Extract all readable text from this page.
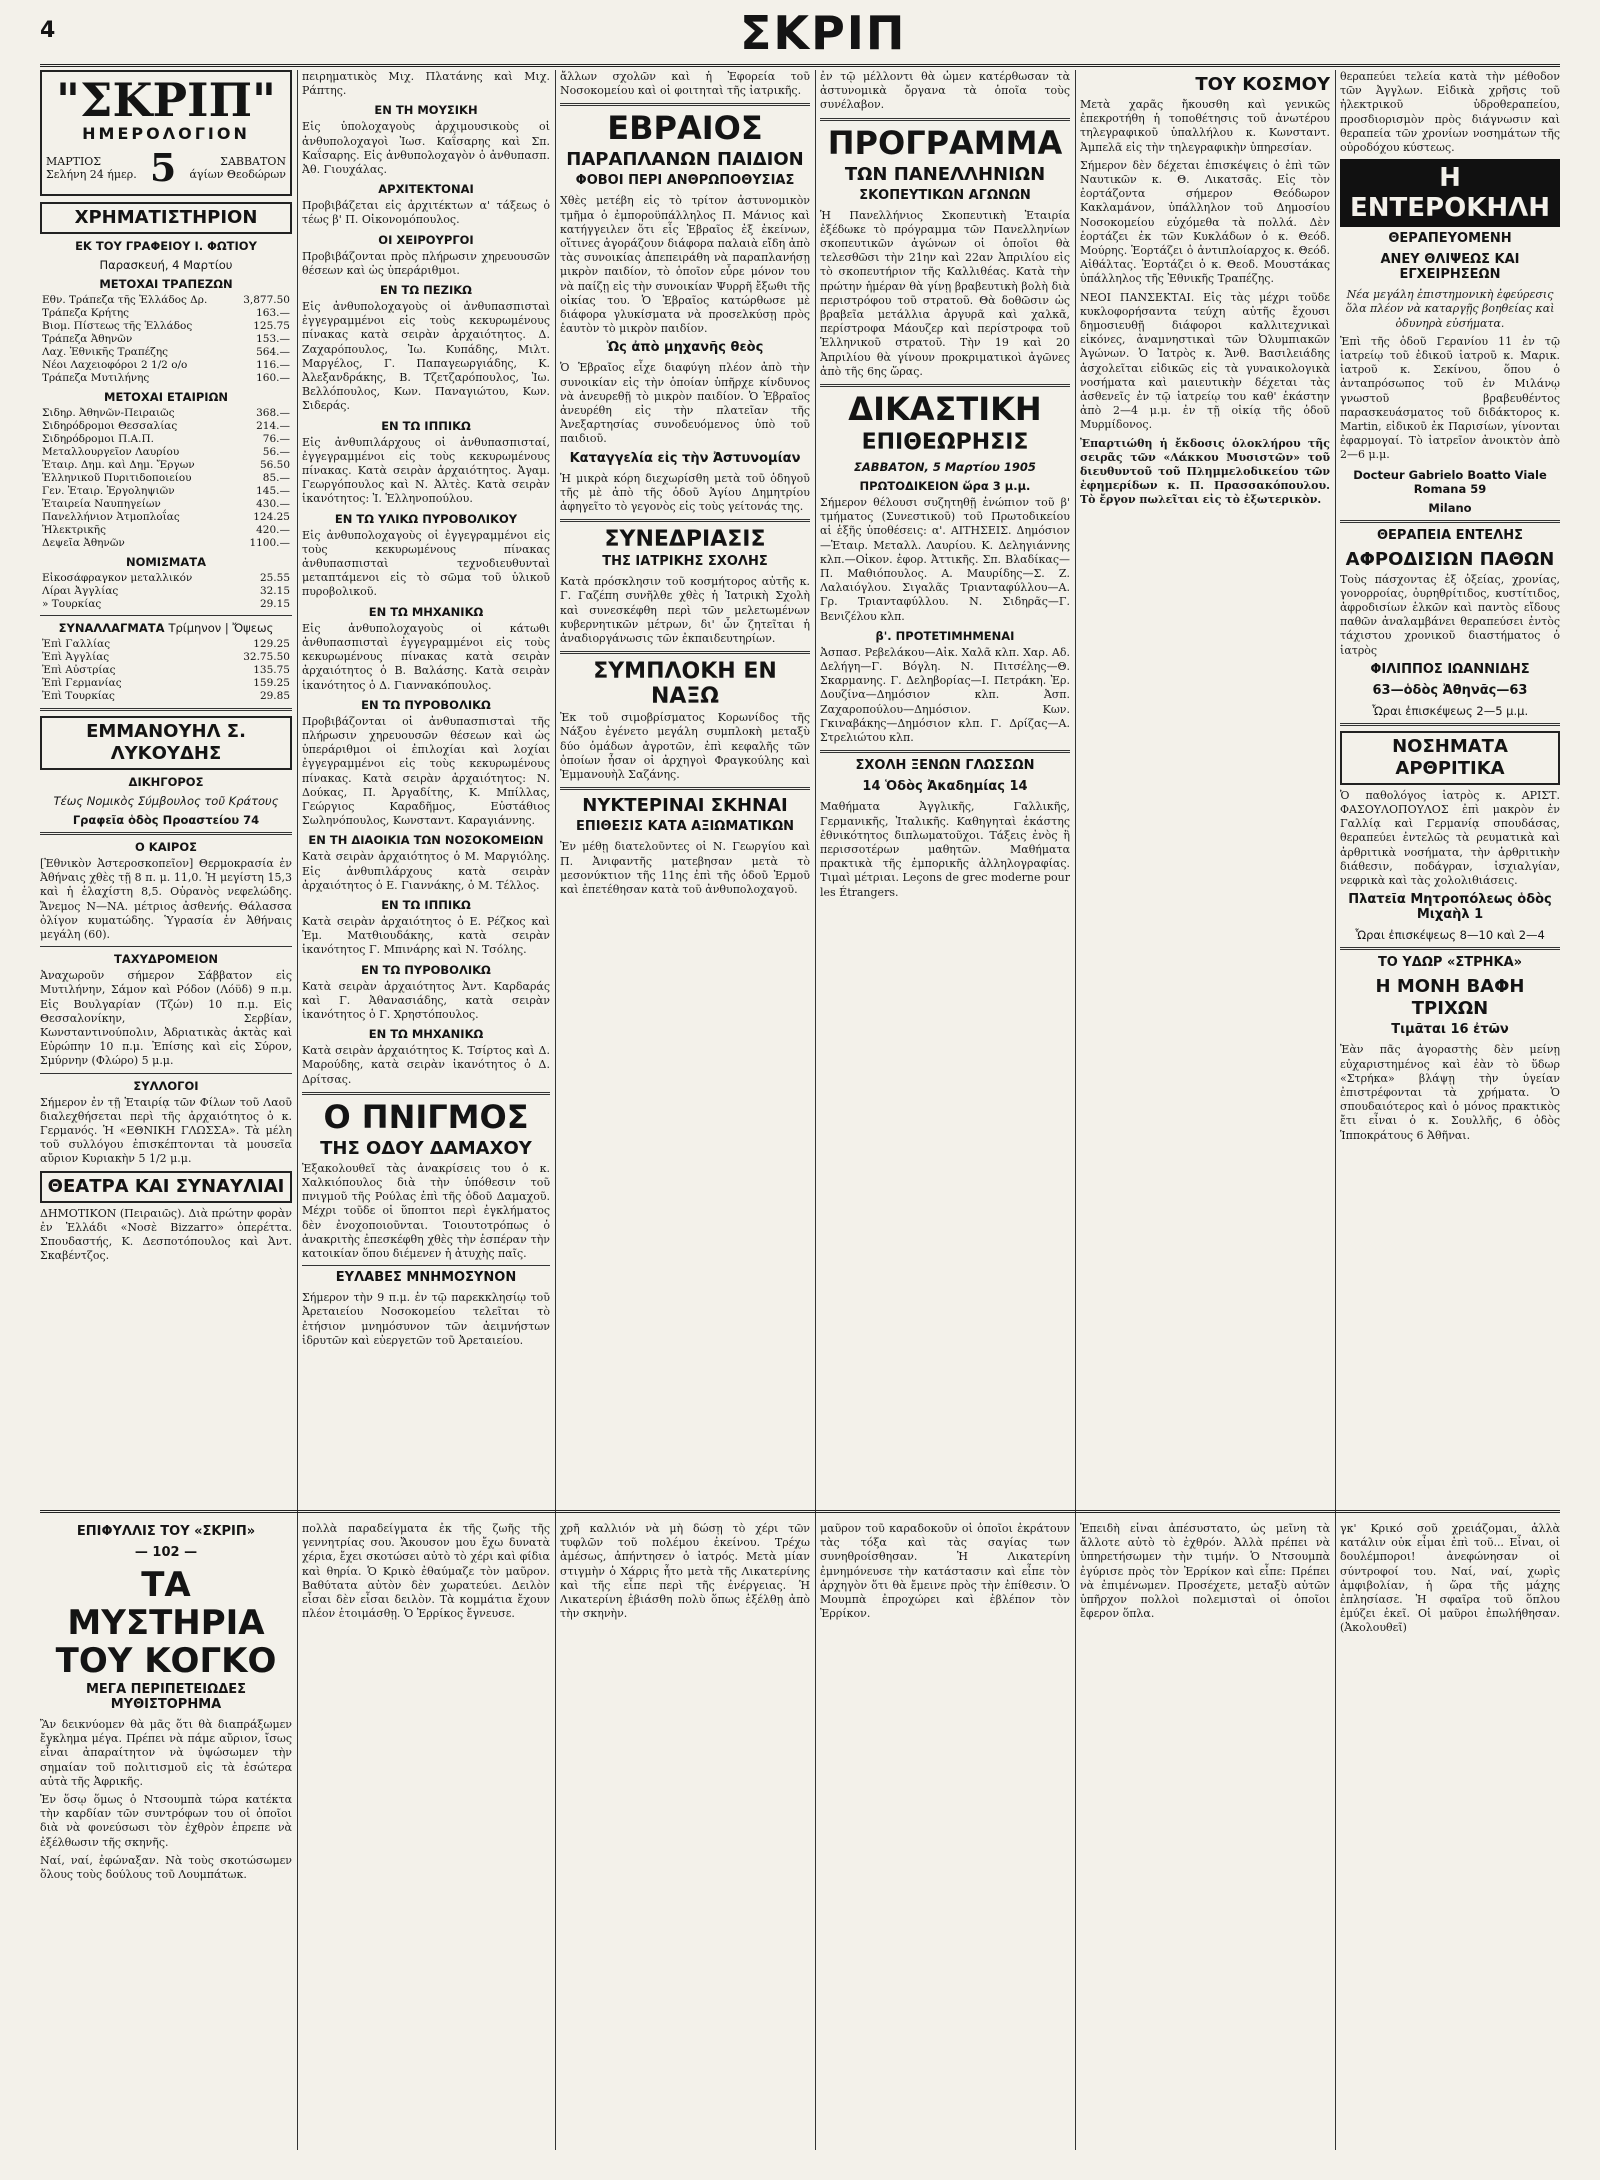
4	ΣΚΡΙΠ
"ΣΚΡΙΠ"
ΗΜΕΡΟΛΟΓΙΟΝ
ΜΑΡΤΙΟΣ
Σελήνη 24 ήμερ. 5	ΣΑΒΒΑΤΟΝ
άγίων Θεοδώρων
ΧΡΗΜΑΤΙΣΤΗΡΙΟΝ
ΕΚ ΤΟΥ ΓΡΑΦΕΙΟΥ Ι. ΦΩΤΙΟΥ
Παρασκευή, 4 Μαρτίου
ΜΕΤΟΧΑΙ ΤΡΑΠΕΖΩΝ
Εθν. Τράπεζα τῆς Ἑλλάδος Δρ.	3,877.50
Τράπεζα Κρήτης	163.—
Βιομ. Πίστεως τῆς Ἑλλάδος	125.75
Τράπεζα Ἀθηνῶν	153.—
Λαχ. Ἐθνικῆς Τραπέζης	564.—
Νέοι Λαχειοφόροι 2 1/2 ο/ο	116.—
Τράπεζα Μυτιλήνης	160.—
ΜΕΤΟΧΑΙ ΕΤΑΙΡΙΩΝ
Σιδηρ. Ἀθηνῶν-Πειραιῶς	368.—
Σιδηρόδρομοι Θεσσαλίας	214.—
Σιδηρόδρομοι Π.Α.Π.	76.—
Μεταλλουργεῖον Λαυρίου	56.—
Ἐταιρ. Δημ. καὶ Δημ. Ἔργων	56.50
Ἑλληνικοῦ Πυριτιδοποιείου	85.—
Γεν. Ἐταιρ. Ἐργοληψιῶν	145.—
Ἐταιρεία Ναυπηγείων	430.—
Πανελλήνιον Ἀτμοπλοΐας	124.25
Ἠλεκτρικῆς	420.—
Δεψεῖα Ἀθηνῶν	1100.—
ΝΟΜΙΣΜΑΤΑ
Εἰκοσάφραγκον μεταλλικόν	25.55
Λίραι Ἀγγλίας	32.15
» Τουρκίας	29.15
ΣΥΝΑΛΛΑΓΜΑΤΑ Τρίμηνον | Ὄψεως
Ἐπὶ Γαλλίας	129.25
Ἐπὶ Ἀγγλίας	32.75.50
Ἐπὶ Αὐστρίας	135.75
Ἐπὶ Γερμανίας	159.25
Ἐπὶ Τουρκίας	29.85
ΕΜΜΑΝΟΥΗΛ Σ. ΛΥΚΟΥΔΗΣ
ΔΙΚΗΓΟΡΟΣ
Τέως Νομικὸς Σύμβουλος τοῦ Κράτους
Γραφεῖα ὁδὸς Προαστείου 74
Ο ΚΑΙΡΟΣ

[Ἐθνικὸν Ἀστεροσκοπεῖον] Θερμοκρασία ἐν Ἀθήναις χθὲς τῇ 8 π. μ. 11,0. Ἡ μεγίστη 15,3 καὶ ἡ ἐλαχίστη 8,5. Οὐρανὸς νεφελώδης. Ἄνεμος Ν—ΝΑ. μέτριος ἀσθενής. Θάλασσα ὀλίγον κυματώδης. Ὑγρασία ἐν Ἀθήναις μεγάλη (60).

ΤΑΧΥΔΡΟΜΕΙΟΝ

Ἀναχωροῦν σήμερον Σάββατον εἰς Μυτιλήνην, Σάμον καὶ Ρόδον (Λόϋδ) 9 π.μ. Εἰς Βουλγαρίαν (Τζών) 10 π.μ. Εἰς Θεσσαλονίκην, Σερβίαν, Κωνσταντινούπολιν, Ἀδριατικὰς ἀκτὰς καὶ Εὐρώπην 10 π.μ. Ἐπίσης καὶ εἰς Σύρον, Σμύρνην (Φλώρο) 5 μ.μ.

ΣΥΛΛΟΓΟΙ

Σήμερον ἐν τῇ Ἑταιρίᾳ τῶν Φίλων τοῦ Λαοῦ διαλεχθήσεται περὶ τῆς ἀρχαιότητος ὁ κ. Γερμανός. Ἡ «ΕΘΝΙΚΗ ΓΛΩΣΣΑ». Τὰ μέλη τοῦ συλλόγου ἐπισκέπτονται τὰ μουσεῖα αὔριον Κυριακὴν 5 1/2 μ.μ.

ΘΕΑΤΡΑ ΚΑΙ ΣΥΝΑΥΛΙΑΙ

ΔΗΜΟΤΙΚΟΝ (Πειραιῶς). Διὰ πρώτην φορὰν ἐν Ἑλλάδι «Νοσὲ Bizzarro» ὀπερέττα. Σπουδαστής, Κ. Δεσποτόπουλος καὶ Ἀντ. Σκαβέντζος.

πειρηματικὸς Μιχ. Πλατάνης καὶ Μιχ. Ράπτης.

ΕΝ ΤΗ ΜΟΥΣΙΚΗ

Εἰς ὑπολοχαγοὺς ἀρχιμουσικοὺς οἱ ἀνθυπολοχαγοὶ Ἰωσ. Καΐσαρης καὶ Σπ. Καΐσαρης. Εἰς ἀνθυπολοχαγὸν ὁ ἀνθυπασπ. Ἀθ. Γιουχάλας.

ΑΡΧΙΤΕΚΤΟΝΑΙ

Προβιβάζεται εἰς ἀρχιτέκτων α' τάξεως ὁ τέως β' Π. Οἰκονομόπουλος.

ΟΙ ΧΕΙΡΟΥΡΓΟΙ

Προβιβάζονται πρὸς πλήρωσιν χηρευουσῶν θέσεων καὶ ὡς ὑπεράριθμοι.

ΕΝ ΤΩ ΠΕΖΙΚΩ

Εἰς ἀνθυπολοχαγοὺς οἱ ἀνθυπασπισταὶ ἐγγεγραμμένοι εἰς τοὺς κεκυρωμένους πίνακας κατὰ σειρὰν ἀρχαιότητος. Δ. Ζαχαρόπουλος, Ἰω. Κυπάδης, Μιλτ. Μαργέλος, Γ. Παπαγεωργιάδης, Κ. Ἀλεξανδράκης, Β. Τζετζαρόπουλος, Ἰω. Βελλόπουλος, Κων. Παναγιώτου, Κων. Σιδεράς.

ΕΝ ΤΩ ΙΠΠΙΚΩ

Εἰς ἀνθυπιλάρχους οἱ ἀνθυπασπισταί, ἐγγεγραμμένοι εἰς τοὺς κεκυρωμένους πίνακας. Κατὰ σειρὰν ἀρχαιότητος. Ἀγαμ. Γεωργόπουλος καὶ Ν. Ἀλτὲς. Κατὰ σειρὰν ἱκανότητος: Ἰ. Ἑλληνοπούλου.

ΕΝ ΤΩ ΥΛΙΚΩ ΠΥΡΟΒΟΛΙΚΟΥ

Εἰς ἀνθυπολοχαγοὺς οἱ ἐγγεγραμμένοι εἰς τοὺς κεκυρωμένους πίνακας ἀνθυπασπισταὶ τεχνοδιευθυνταὶ μεταπτάμενοι εἰς τὸ σῶμα τοῦ ὑλικοῦ πυροβολικοῦ.

ΕΝ ΤΩ ΜΗΧΑΝΙΚΩ

Εἰς ἀνθυπολοχαγοὺς οἱ κάτωθι ἀνθυπασπισταὶ ἐγγεγραμμένοι εἰς τοὺς κεκυρωμένους πίνακας κατὰ σειρὰν ἀρχαιότητος ὁ Β. Βαλάσης. Κατὰ σειρὰν ἱκανότητος ὁ Δ. Γιαννακόπουλος.

ΕΝ ΤΩ ΠΥΡΟΒΟΛΙΚΩ

Προβιβάζονται οἱ ἀνθυπασπισταὶ τῆς πλήρωσιν χηρευουσῶν θέσεων καὶ ὡς ὑπεράριθμοι οἱ ἐπιλοχίαι καὶ λοχίαι ἐγγεγραμμένοι εἰς τοὺς κεκυρωμένους πίνακας. Κατὰ σειρὰν ἀρχαιότητος: Ν. Δούκας, Π. Ἀργαδίτης, Κ. Μπίλλας, Γεώργιος Καραδῆμος, Εὐστάθιος Σωληνόπουλος, Κωνσταντ. Καραγιάννης.

ΕΝ ΤΗ ΔΙΑΟΙΚΙΑ ΤΩΝ ΝΟΣΟΚΟΜΕΙΩΝ

Κατὰ σειρὰν ἀρχαιότητος ὁ Μ. Μαργιόλης. Εἰς ἀνθυπιλάρχους κατὰ σειρὰν ἀρχαιότητος ὁ Ε. Γιαννάκης, ὁ Μ. Τέλλος.

ΕΝ ΤΩ ΙΠΠΙΚΩ

Κατὰ σειρὰν ἀρχαιότητος ὁ Ε. Ρέζκος καὶ Ἐμ. Ματθιουδάκης, κατὰ σειρὰν ἱκανότητος Γ. Μπινάρης καὶ Ν. Τσόλης.

ΕΝ ΤΩ ΠΥΡΟΒΟΛΙΚΩ

Κατὰ σειρὰν ἀρχαιότητος Ἀντ. Καρδαράς καὶ Γ. Ἀθανασιάδης, κατὰ σειρὰν ἱκανότητος ὁ Γ. Χρηστόπουλος.

ΕΝ ΤΩ ΜΗΧΑΝΙΚΩ

Κατὰ σειρὰν ἀρχαιότητος Κ. Τσίρτος καὶ Δ. Μαρούδης, κατὰ σειρὰν ἱκανότητος ὁ Δ. Δρίτσας.

Ο ΠΝΙΓΜΟΣ
ΤΗΣ ΟΔΟΥ ΔΑΜΑΧΟΥ

Ἐξακολουθεῖ τὰς ἀνακρίσεις του ὁ κ. Χαλκιόπουλος διὰ τὴν ὑπόθεσιν τοῦ πνιγμοῦ τῆς Ρούλας ἐπὶ τῆς ὁδοῦ Δαμαχοῦ. Μέχρι τοῦδε οἱ ὕποπτοι περὶ ἐγκλήματος δὲν ἐνοχοποιοῦνται. Τοιουτοτρόπως ὁ ἀνακριτὴς ἐπεσκέφθη χθὲς τὴν ἑσπέραν τὴν κατοικίαν ὅπου διέμενεν ἡ ἀτυχὴς παῖς.

ΕΥΛΑΒΕΣ ΜΝΗΜΟΣΥΝΟΝ

Σήμερον τὴν 9 π.μ. ἐν τῷ παρεκκλησίῳ τοῦ Ἀρεταιείου Νοσοκομείου τελεῖται τὸ ἐτήσιον μνημόσυνον τῶν ἀειμνήστων ἱδρυτῶν καὶ εὐεργετῶν τοῦ Ἀρεταιείου.

ἄλλων σχολῶν καὶ ἡ Ἐφορεία τοῦ Νοσοκομείου καὶ οἱ φοιτηταὶ τῆς ἰατρικῆς.

ΕΒΡΑΙΟΣ
ΠΑΡΑΠΛΑΝΩΝ ΠΑΙΔΙΟΝ
ΦΟΒΟΙ ΠΕΡΙ ΑΝΘΡΩΠΟΘΥΣΙΑΣ

Χθὲς μετέβη εἰς τὸ τρίτον ἀστυνομικὸν τμῆμα ὁ ἐμποροϋπάλληλος Π. Μάνιος καὶ κατήγγειλεν ὅτι εἷς Ἑβραῖος ἐξ ἐκείνων, οἵτινες ἀγοράζουν διάφορα παλαιὰ εἴδη ἀπὸ τὰς συνοικίας ἀπεπειράθη νὰ παραπλανήσῃ μικρὸν παιδίον, τὸ ὁποῖον εὗρε μόνον του νὰ παίζῃ εἰς τὴν συνοικίαν Ψυρρῆ ἔξωθι τῆς οἰκίας του. Ὁ Ἑβραῖος κατώρθωσε μὲ διάφορα γλυκίσματα νὰ προσελκύσῃ πρὸς ἑαυτὸν τὸ μικρὸν παιδίον.

Ὡς ἀπὸ μηχανῆς θεὸς

Ὁ Ἑβραῖος εἶχε διαφύγη πλέον ἀπὸ τὴν συνοικίαν εἰς τὴν ὁποίαν ὑπῆρχε κίνδυνος νὰ ἀνευρεθῇ τὸ μικρὸν παιδίον. Ὁ Ἑβραῖος ἀνευρέθη εἰς τὴν πλατεῖαν τῆς Ἀνεξαρτησίας συνοδευόμενος ὑπὸ τοῦ παιδιοῦ.

Καταγγελία εἰς τὴν Ἀστυνομίαν

Ἡ μικρὰ κόρη διεχωρίσθη μετὰ τοῦ ὁδηγοῦ τῆς μὲ ἀπὸ τῆς ὁδοῦ Ἁγίου Δημητρίου ἀφηγεῖτο τὸ γεγονὸς εἰς τοὺς γείτονάς της.

ΣΥΝΕΔΡΙΑΣΙΣ
ΤΗΣ ΙΑΤΡΙΚΗΣ ΣΧΟΛΗΣ

Κατὰ πρόσκλησιν τοῦ κοσμήτορος αὐτῆς κ. Γ. Γαζέπη συνῆλθε χθὲς ἡ Ἰατρικὴ Σχολὴ καὶ συνεσκέφθη περὶ τῶν μελετωμένων κυβερνητικῶν μέτρων, δι' ὧν ζητεῖται ἡ ἀναδιοργάνωσις τῶν ἐκπαιδευτηρίων.

ΣΥΜΠΛΟΚΗ ΕΝ ΝΑΞΩ

Ἐκ τοῦ σιμοβρίσματος Κορωνίδος τῆς Νάξου ἐγένετο μεγάλη συμπλοκὴ μεταξὺ δύο ὁμάδων ἀγροτῶν, ἐπὶ κεφαλῆς τῶν ὁποίων ἦσαν οἱ ἀρχηγοὶ Φραγκούλης καὶ Ἐμμανουὴλ Σαζάνης.

ΝΥΚΤΕΡΙΝΑΙ ΣΚΗΝΑΙ
ΕΠΙΘΕΣΙΣ ΚΑΤΑ ΑΞΙΩΜΑΤΙΚΩΝ

Ἐν μέθῃ διατελοῦντες οἱ Ν. Γεωργίου καὶ Π. Ἀνιφαντῆς ματεβησαν μετὰ τὸ μεσονύκτιον τῆς 11ης ἐπὶ τῆς ὁδοῦ Ἑρμοῦ καὶ ἐπετέθησαν κατὰ τοῦ ἀνθυπολοχαγοῦ.

ἐν τῷ μέλλοντι θὰ ὦμεν κατέρθωσαν τὰ ἀστυνομικὰ ὄργανα τὰ ὁποῖα τοὺς συνέλαβον.

ΠΡΟΓΡΑΜΜΑ
ΤΩΝ ΠΑΝΕΛΛΗΝΙΩΝ
ΣΚΟΠΕΥΤΙΚΩΝ ΑΓΩΝΩΝ

Ἡ Πανελλήνιος Σκοπευτικὴ Ἑταιρία ἐξέδωκε τὸ πρόγραμμα τῶν Πανελληνίων σκοπευτικῶν ἀγώνων οἱ ὁποῖοι θὰ τελεσθῶσι τὴν 21ην καὶ 22αν Ἀπριλίου εἰς τὸ σκοπευτήριον τῆς Καλλιθέας. Κατὰ τὴν πρώτην ἡμέραν θὰ γίνῃ βραβευτικὴ βολὴ διὰ περιστρόφου τοῦ στρατοῦ. Θὰ δοθῶσιν ὡς βραβεῖα μετάλλια ἀργυρᾶ καὶ χαλκᾶ, περίστροφα Μάουζερ καὶ περίστροφα τοῦ Ἑλληνικοῦ στρατοῦ. Τὴν 19 καὶ 20 Ἀπριλίου θὰ γίνουν προκριματικοὶ ἀγῶνες ἀπὸ τῆς 6ης ὥρας.

ΔΙΚΑΣΤΙΚΗ
ΕΠΙΘΕΩΡΗΣΙΣ
ΣΑΒΒΑΤΟΝ, 5 Μαρτίου 1905
ΠΡΩΤΟΔΙΚΕΙΟΝ ὥρα 3 μ.μ.

Σήμερον θέλουσι συζητηθῇ ἐνώπιον τοῦ β' τμήματος (Συνεστικοῦ) τοῦ Πρωτοδικείου αἱ ἑξῆς ὑποθέσεις: α'. ΑΙΤΗΣΕΙΣ. Δημόσιον—Ἑταιρ. Μεταλλ. Λαυρίου. Κ. Δεληγιάννης κλπ.—Οἰκον. ἐφορ. Ἀττικῆς. Σπ. Βλαδίκας—Π. Μαθιόπουλος. Α. Μαυρίδης—Σ. Ζ. Λαλαιόγλου. Σιγαλᾶς Τριανταφύλλου—Α. Γρ. Τριανταφύλλου. Ν. Σιδηρᾶς—Γ. Βενιζέλου κλπ.

β'. ΠΡΟΤΕΤΙΜΗΜΕΝΑΙ

Ἀσπασ. Ρεβελάκου—Αἰκ. Χαλᾶ κλπ. Χαρ. Αδ. Δελήγη—Γ. Βόγλη. Ν. Πιτσέλης—Θ. Σκαρμανης. Γ. Δεληβορίας—Ι. Πετράκη. Ἐρ. Δουζίνα—Δημόσιον κλπ. Ἀσπ. Ζαχαροπούλου—Δημόσιον. Κων. Γκιναβάκης—Δημόσιον κλπ. Γ. Δρίζας—Α. Στρελιώτου κλπ.

ΣΧΟΛΗ ΞΕΝΩΝ ΓΛΩΣΣΩΝ
14 Ὁδὸς Ἀκαδημίας 14

Μαθήματα Ἀγγλικῆς, Γαλλικῆς, Γερμανικῆς, Ἰταλικῆς. Καθηγηταὶ ἑκάστης ἐθνικότητος διπλωματοῦχοι. Τάξεις ἐνὸς ἢ περισσοτέρων μαθητῶν. Μαθήματα πρακτικὰ τῆς ἐμπορικῆς ἀλληλογραφίας. Τιμαὶ μέτριαι. Leçons de grec moderne pour les Étrangers.

ΤΟΥ ΚΟΣΜΟΥ

Μετὰ χαρᾶς ἤκουσθη καὶ γενικῶς ἐπεκροτήθη ἡ τοποθέτησις τοῦ ἀνωτέρου τηλεγραφικοῦ ὑπαλλήλου κ. Κωνσταντ. Ἀμπελᾶ εἰς τὴν τηλεγραφικὴν ὑπηρεσίαν.

Σήμερον δὲν δέχεται ἐπισκέψεις ὁ ἐπὶ τῶν Ναυτικῶν κ. Θ. Λικατσᾶς. Εἰς τὸν ἐορτάζοντα σήμερον Θεόδωρον Κακλαμάνον, ὑπάλληλον τοῦ Δημοσίου Νοσοκομείου εὐχόμεθα τὰ πολλά. Δὲν ἑορτάζει ἐκ τῶν Κυκλάδων ὁ κ. Θεόδ. Μούρης. Ἑορτάζει ὁ ἀντιπλοίαρχος κ. Θεόδ. Αἰθάλτας. Ἑορτάζει ὁ κ. Θεοδ. Μουστάκας ὑπάλληλος τῆς Ἐθνικῆς Τραπέζης.

ΝΕΟΙ ΠΑΝΣΕΚΤΑΙ. Εἰς τὰς μέχρι τοῦδε κυκλοφορήσαντα τεύχη αὐτῆς ἔχουσι δημοσιευθῇ διάφοροι καλλιτεχνικαὶ εἰκόνες, ἀναμνηστικαὶ τῶν Ὀλυμπιακῶν Ἀγώνων. Ὁ Ἰατρὸς κ. Ἄνθ. Βασιλειάδης ἀσχολεῖται εἰδικῶς εἰς τὰ γυναικολογικὰ νοσήματα καὶ μαιευτικὴν δέχεται τὰς ἀσθενεῖς ἐν τῷ ἰατρείῳ του καθ' ἑκάστην ἀπὸ 2—4 μ.μ. ἐν τῇ οἰκίᾳ τῆς ὁδοῦ Μυρμίδονος.

Ἐπαρτιώθη ἡ ἔκδοσις ὁλοκλήρου τῆς σειρᾶς τῶν «Λάκκου Μυσιστῶν» τοῦ διευθυντοῦ τοῦ Πλημμελοδικείου τῶν ἐφημερίδων κ. Π. Πρασσακόπουλου. Τὸ ἔργον πωλεῖται εἰς τὸ ἐξωτερικὸν.

θεραπεύει τελεία κατὰ τὴν μέθοδον τῶν Ἀγγλων. Εἰδικὰ χρῆσις τοῦ ἠλεκτρικοῦ ὑδροθεραπείου, προσδιορισμὸν πρὸς διάγνωσιν καὶ θεραπεία τῶν χρονίων νοσημάτων τῆς οὐροδόχου κύστεως.

Η ΕΝΤΕΡΟΚΗΛΗ
ΘΕΡΑΠΕΥΟΜΕΝΗ
ΑΝΕΥ ΘΛΙΨΕΩΣ ΚΑΙ ΕΓΧΕΙΡΗΣΕΩΝ

Νέα μεγάλη ἐπιστημονικὴ ἐφεύρεσις ὅλα πλέον νὰ καταργῇς βοηθείας καὶ ὀδυνηρὰ εὐσήματα.

Ἐπὶ τῆς ὁδοῦ Γερανίου 11 ἐν τῷ ἰατρείῳ τοῦ ἐδικοῦ ἰατροῦ κ. Μαρικ. ἰατροῦ κ. Σεκίνου, ὅπου ὁ ἀνταπρόσωπος τοῦ ἐν Μιλάνῳ γνωστοῦ βραβευθέντος παρασκευάσματος τοῦ διδάκτορος κ. Martin, εἰδικοῦ ἐκ Παρισίων, γίνονται ἐφαρμογαί. Τὸ ἰατρεῖον ἀνοικτὸν ἀπὸ 2—6 μ.μ.

Docteur Gabrielo Boatto Viale Romana 59
Milano
ΘΕΡΑΠΕΙΑ ΕΝΤΕΛΗΣ
ΑΦΡΟΔΙΣΙΩΝ ΠΑΘΩΝ

Τοὺς πάσχοντας ἐξ ὀξείας, χρονίας, γονορροίας, ὀυρηθρίτιδος, κυστίτιδος, ἀφροδισίων ἑλκῶν καὶ παντὸς εἴδους παθῶν ἀναλαμβάνει θεραπεύσει ἐντὸς τάχιστου χρονικοῦ διαστήματος ὁ ἰατρὸς

ΦΙΛΙΠΠΟΣ ΙΩΑΝΝΙΔΗΣ
63—ὁδὸς Ἀθηνᾶς—63
Ὧραι ἐπισκέψεως 2—5 μ.μ.
ΝΟΣΗΜΑΤΑ ΑΡΘΡΙΤΙΚΑ

Ὁ παθολόγος ἰατρὸς κ. ΑΡΙΣΤ. ΦΑΣΟΥΛΟΠΟΥΛΟΣ ἐπὶ μακρὸν ἐν Γαλλίᾳ καὶ Γερμανίᾳ σπουδάσας, θεραπεύει ἐντελῶς τὰ ρευματικὰ καὶ ἀρθριτικὰ νοσήματα, τὴν ἀρθριτικὴν διάθεσιν, ποδάγραν, ἰσχιαλγίαν, νεφρικὰ καὶ τὰς χολολιθιάσεις.

Πλατεῖα Μητροπόλεως ὁδὸς Μιχαὴλ 1
Ὧραι ἐπισκέψεως 8—10 καὶ 2—4
ΤΟ ΥΔΩΡ «ΣΤΡΗΚΑ»
Η ΜΟΝΗ ΒΑΦΗ ΤΡΙΧΩΝ
Τιμᾶται 16 ἐτῶν

Ἐὰν πᾶς ἀγοραστὴς δὲν μείνῃ εὐχαριστημένος καὶ ἐὰν τὸ ὕδωρ «Στρήκα» βλάψῃ τὴν ὑγείαν ἐπιστρέφονται τὰ χρήματα. Ὁ σπουδαιότερος καὶ ὁ μόνος πρακτικὸς ἔτι εἶναι ὁ κ. Σουλλῆς, 6 ὁδὸς Ἱπποκράτους 6 Ἀθῆναι.

ΕΠΙΦΥΛΛΙΣ ΤΟΥ «ΣΚΡΙΠ»
— 102 —
ΤΑ ΜΥΣΤΗΡΙΑ ΤΟΥ ΚΟΓΚΟ
ΜΕΓΑ ΠΕΡΙΠΕΤΕΙΩΔΕΣ ΜΥΘΙΣΤΟΡΗΜΑ

Ἂν δεικνύομεν θὰ μᾶς ὅτι θὰ διαπράξωμεν ἔγκλημα μέγα. Πρέπει νὰ πάμε αὔριον, ἴσως εἶναι ἀπαραίτητον νὰ ὑψώσωμεν τὴν σημαίαν τοῦ πολιτισμοῦ εἰς τὰ ἐσώτερα αὐτὰ τῆς Ἀφρικῆς.

Ἐν ὅσῳ ὅμως ὁ Ντσουμπὰ τώρα κατέκτα τὴν καρδίαν τῶν συντρόφων του οἱ ὁποῖοι διὰ νὰ φονεύσωσι τὸν ἐχθρὸν ἐπρεπε νὰ ἐξέλθωσιν τῆς σκηνῆς.

Ναί, ναί, ἐφώναξαν. Νὰ τοὺς σκοτώσωμεν ὅλους τοὺς δούλους τοῦ Λουμπάτωκ.

πολλὰ παραδείγματα ἐκ τῆς ζωῆς τῆς γεννητρίας σου. Ἄκουσον μου ἔχω δυνατὰ χέρια, ἔχει σκοτώσει αὐτὸ τὸ χέρι καὶ φίδια καὶ θηρία. Ὁ Κρικὸ ἐθαύμαζε τὸν μαῦρον. Βαθύτατα αὐτὸν δὲν χωρατεύει. Δειλὸν εἶσαι δὲν εἶσαι δειλὸν. Τὰ κομμάτια ἔχουν πλέον ἑτοιμάσθῃ. Ὁ Ἐρρίκος ἔγνευσε.

χρῆ καλλιόν νὰ μὴ δώσῃ τὸ χέρι τῶν τυφλῶν τοῦ πολέμου ἐκείνου. Τρέχω ἀμέσως, ἀπήντησεν ὁ ἰατρός. Μετὰ μίαν στιγμὴν ὁ Χάρρις ἦτο μετὰ τῆς Λικατερίνης καὶ τῆς εἶπε περὶ τῆς ἐνέργειας. Ἡ Λικατερίνη ἐβιάσθη πολὺ ὅπως ἐξέλθῃ ἀπὸ τὴν σκηνὴν.

μαῦρον τοῦ καραδοκοῦν οἱ ὁποῖοι ἐκράτουν τὰς τόξα καὶ τὰς σαγίας των συνηθροίσθησαν. Ἡ Λικατερίνη ἐμνημόνευσε τὴν κατάστασιν καὶ εἶπε τὸν ἀρχηγὸν ὅτι θὰ ἔμεινε πρὸς τὴν ἐπίθεσιν. Ὁ Μουμπὰ ἐπροχώρει καὶ ἐβλέπον τὸν Ἐρρίκον.

Ἐπειδὴ εἶναι ἀπέσυστατο, ὡς μεῖνη τὰ ἄλλοτε αὐτὸ τὸ ἐχθρόν. Ἀλλὰ πρέπει νὰ ὑπηρετήσωμεν τὴν τιμήν. Ὁ Ντσουμπὰ ἐγύρισε πρὸς τὸν Ἐρρίκον καὶ εἶπε: Πρέπει νὰ ἐπιμένωμεν. Προσέχετε, μεταξὺ αὐτῶν ὑπῆρχον πολλοὶ πολεμισταὶ οἱ ὁποῖοι ἔφερον ὅπλα.

γκ' Κρικό σοῦ χρειάζομαι, ἀλλὰ κατάλιν οὐκ εἶμαι ἐπὶ τοῦ... Εἶναι, οἱ δουλέμποροι! ἀνεφώνησαν οἱ σύντροφοί του. Ναί, ναί, χωρὶς ἀμφιβολίαν, ἡ ὥρα τῆς μάχης ἐπλησίασε. Ἡ σφαῖρα τοῦ ὅπλου ἐμύζει ἐκεῖ. Οἱ μαῦροι ἐπωλήθησαν. (Ἀκολουθεῖ)
